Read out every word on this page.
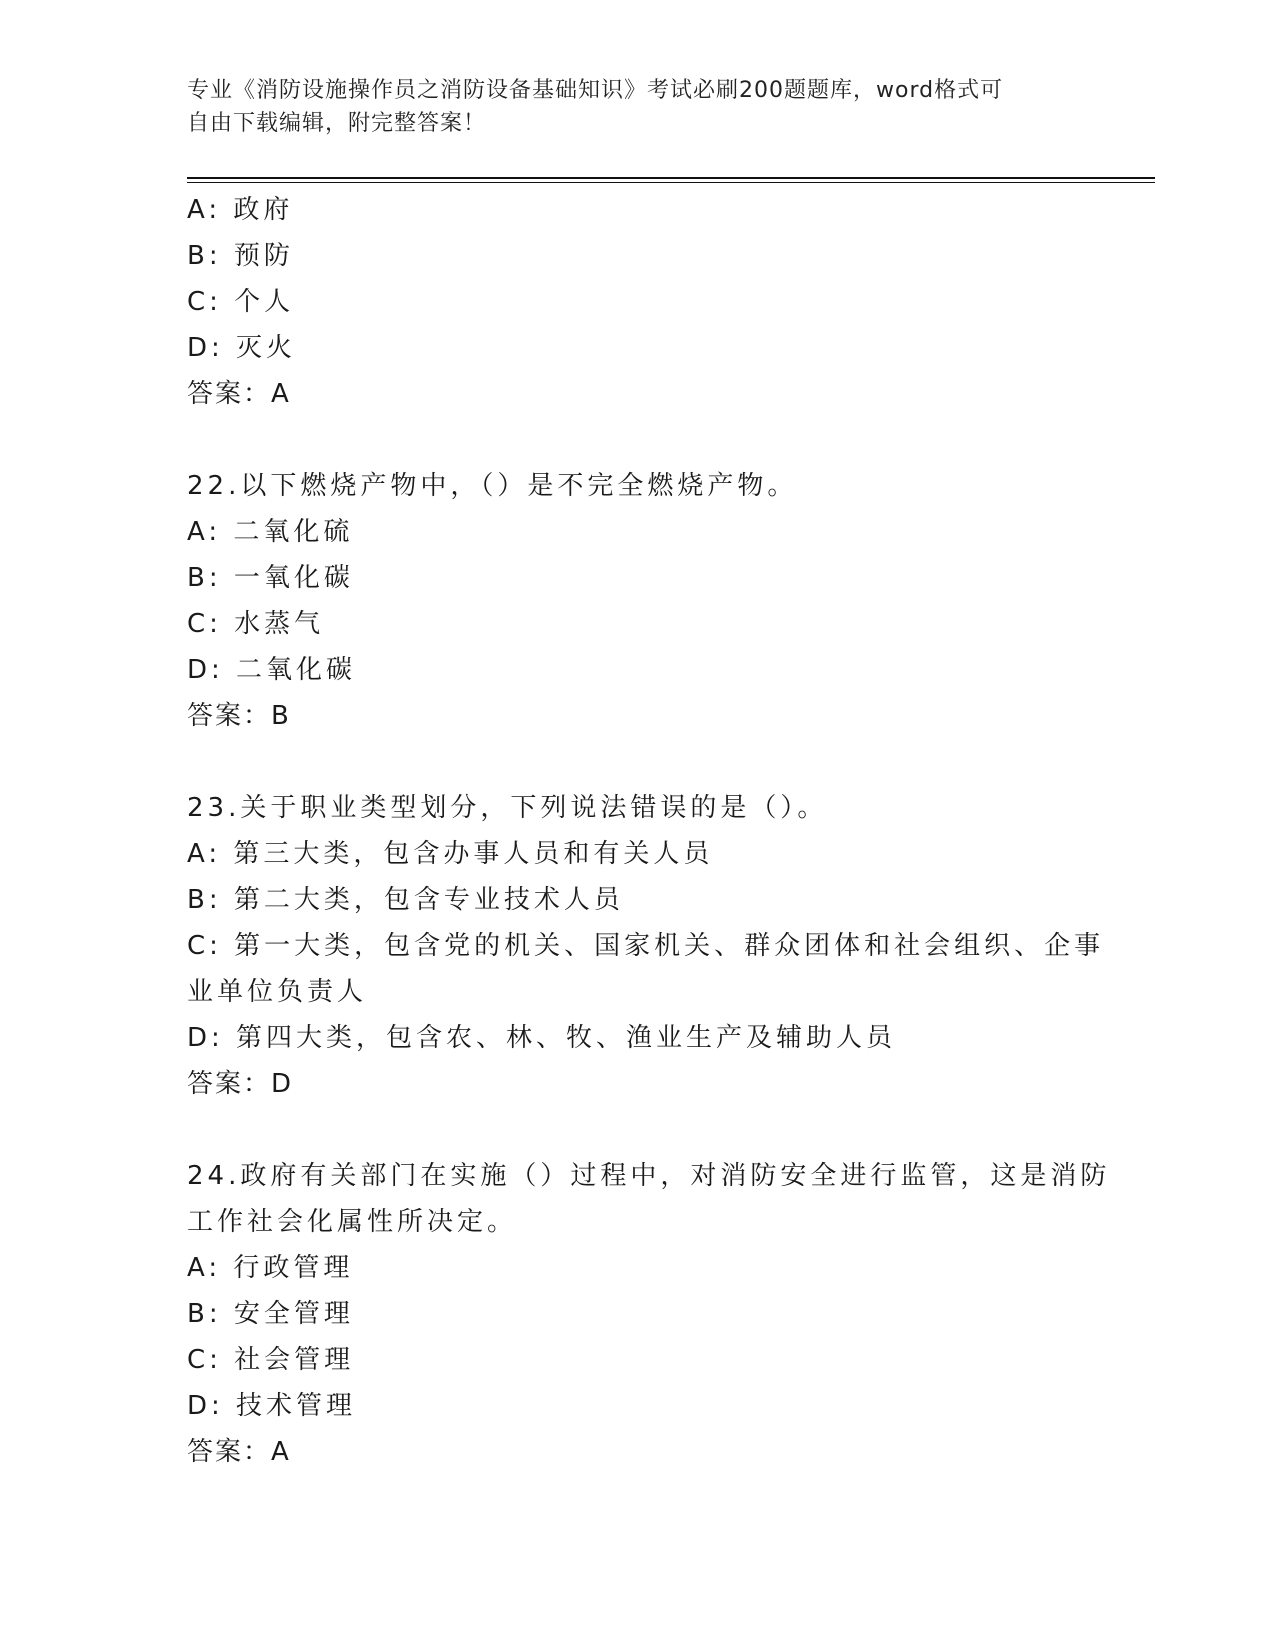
专业《消防设施操作员之消防设备基础知识》考试必刷200题题库，word格式可
自由下载编辑，附完整答案！
A: 政府
B: 预防
C: 个人
D: 灭火
答案：A
22.以下燃烧产物中，（）是不完全燃烧产物。
A: 二氧化硫
B: 一氧化碳
C: 水蒸气
D: 二氧化碳
答案：B
23.关于职业类型划分，下列说法错误的是（）。
A: 第三大类，包含办事人员和有关人员
B: 第二大类，包含专业技术人员
C: 第一大类，包含党的机关、国家机关、群众团体和社会组织、企事
业单位负责人
D: 第四大类，包含农、林、牧、渔业生产及辅助人员
答案：D
24.政府有关部门在实施（）过程中，对消防安全进行监管，这是消防
工作社会化属性所决定。
A: 行政管理
B: 安全管理
C: 社会管理
D: 技术管理
答案：A
